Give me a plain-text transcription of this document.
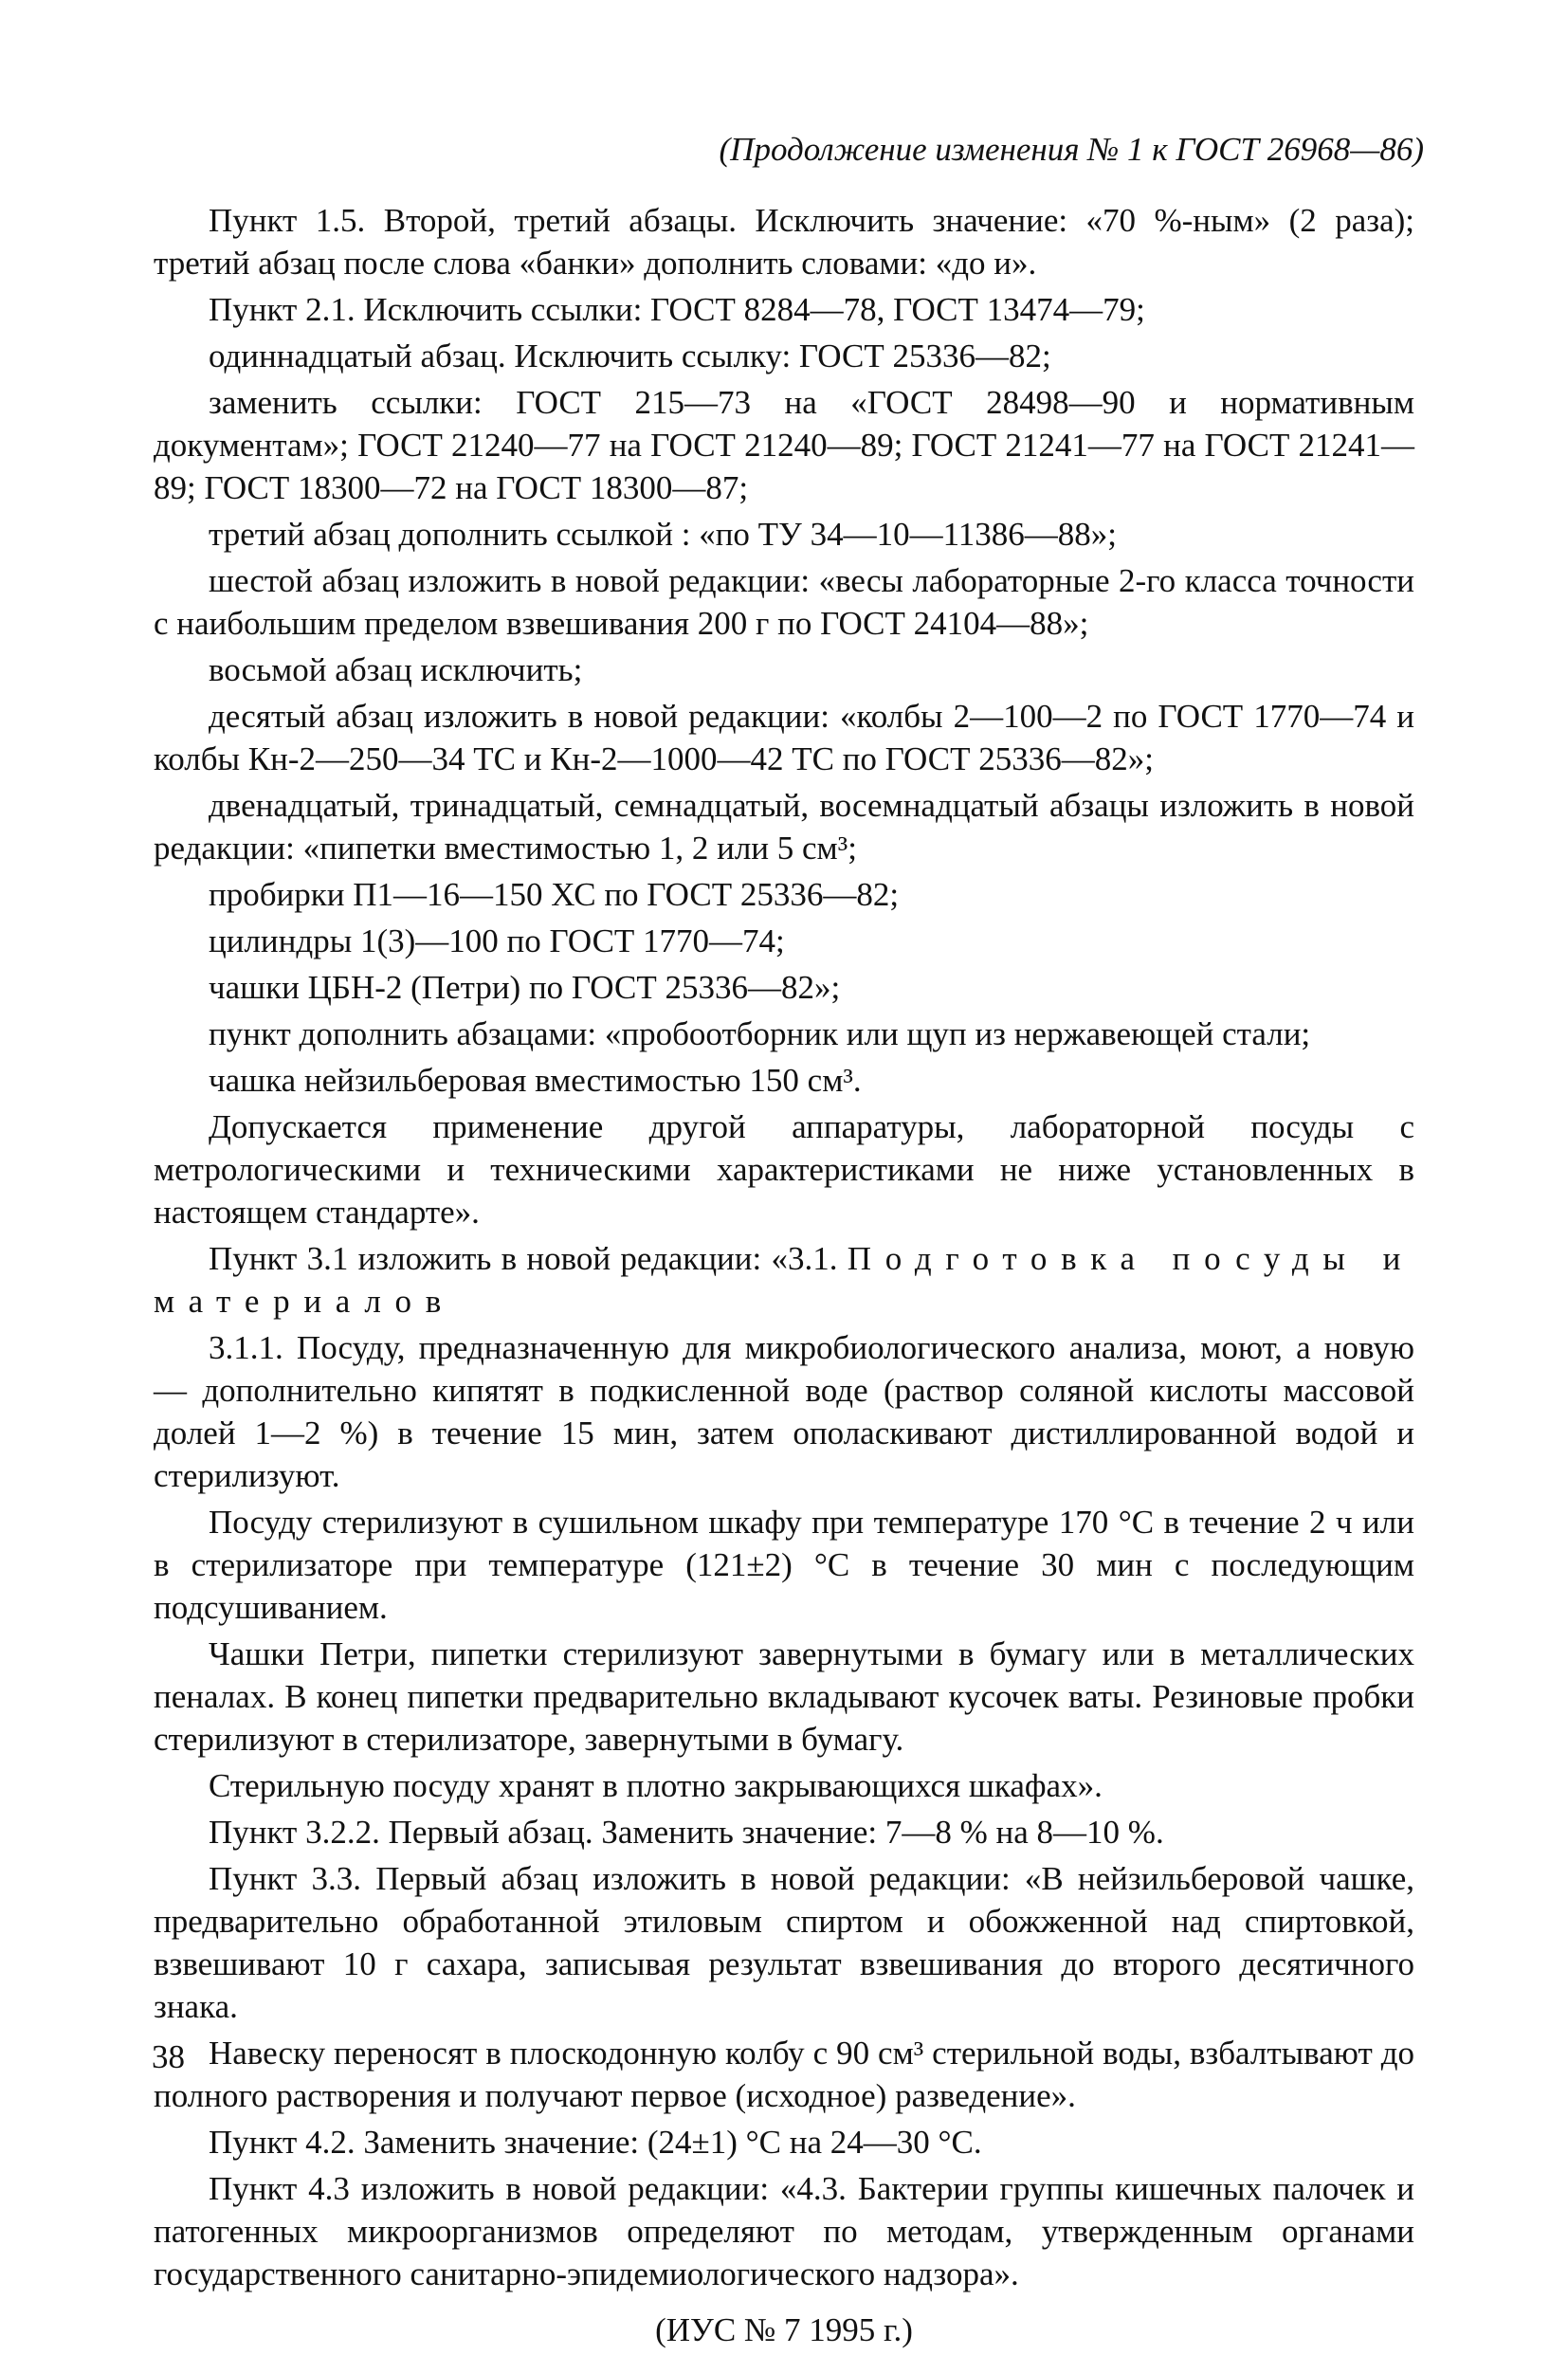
(Продолжение изменения № 1 к ГОСТ 26968—86)

Пункт 1.5. Второй, третий абзацы. Исключить значение: «70 %-ным» (2 раза); третий абзац после слова «банки» дополнить словами: «до и».

Пункт 2.1. Исключить ссылки: ГОСТ 8284—78, ГОСТ 13474—79;

одиннадцатый абзац. Исключить ссылку: ГОСТ 25336—82;

заменить ссылки: ГОСТ 215—73 на «ГОСТ 28498—90 и нормативным документам»; ГОСТ 21240—77 на ГОСТ 21240—89; ГОСТ 21241—77 на ГОСТ 21241—89; ГОСТ 18300—72 на ГОСТ 18300—87;

третий абзац дополнить ссылкой : «по ТУ 34—10—11386—88»;

шестой абзац изложить в новой редакции: «весы лабораторные 2-го класса точности с наибольшим пределом взвешивания 200 г по ГОСТ 24104—88»;

восьмой абзац исключить;

десятый абзац изложить в новой редакции: «колбы 2—100—2 по ГОСТ 1770—74 и колбы Кн-2—250—34 ТС и Кн-2—1000—42 ТС по ГОСТ 25336—82»;

двенадцатый, тринадцатый, семнадцатый, восемнадцатый абзацы изложить в новой редакции: «пипетки вместимостью 1, 2 или 5 см³;

пробирки П1—16—150 ХС по ГОСТ 25336—82;

цилиндры 1(3)—100 по ГОСТ 1770—74;

чашки ЦБН-2 (Петри) по ГОСТ 25336—82»;

пункт дополнить абзацами: «пробоотборник или щуп из нержавеющей стали;

чашка нейзильберовая вместимостью 150 см³.

Допускается применение другой аппаратуры, лабораторной посуды с метрологическими и техническими характеристиками не ниже установленных в настоящем стандарте».

Пункт 3.1 изложить в новой редакции: «3.1. Подготовка посуды и материалов

3.1.1. Посуду, предназначенную для микробиологического анализа, моют, а новую — дополнительно кипятят в подкисленной воде (раствор соляной кислоты массовой долей 1—2 %) в течение 15 мин, затем ополаскивают дистиллированной водой и стерилизуют.

Посуду стерилизуют в сушильном шкафу при температуре 170 °С в течение 2 ч или в стерилизаторе при температуре (121±2) °С в течение 30 мин с последующим подсушиванием.

Чашки Петри, пипетки стерилизуют завернутыми в бумагу или в металлических пеналах. В конец пипетки предварительно вкладывают кусочек ваты. Резиновые пробки стерилизуют в стерилизаторе, завернутыми в бумагу.

Стерильную посуду хранят в плотно закрывающихся шкафах».

Пункт 3.2.2. Первый абзац. Заменить значение: 7—8 % на 8—10 %.

Пункт 3.3. Первый абзац изложить в новой редакции: «В нейзильберовой чашке, предварительно обработанной этиловым спиртом и обожженной над спиртовкой, взвешивают 10 г сахара, записывая результат взвешивания до второго десятичного знака.

Навеску переносят в плоскодонную колбу с 90 см³ стерильной воды, взбалтывают до полного растворения и получают первое (исходное) разведение».

Пункт 4.2. Заменить значение: (24±1) °С на 24—30 °С.

Пункт 4.3 изложить в новой редакции: «4.3. Бактерии группы кишечных палочек и патогенных микроорганизмов определяют по методам, утвержденным органами государственного санитарно-эпидемиологического надзора».

(ИУС № 7 1995 г.)

38
